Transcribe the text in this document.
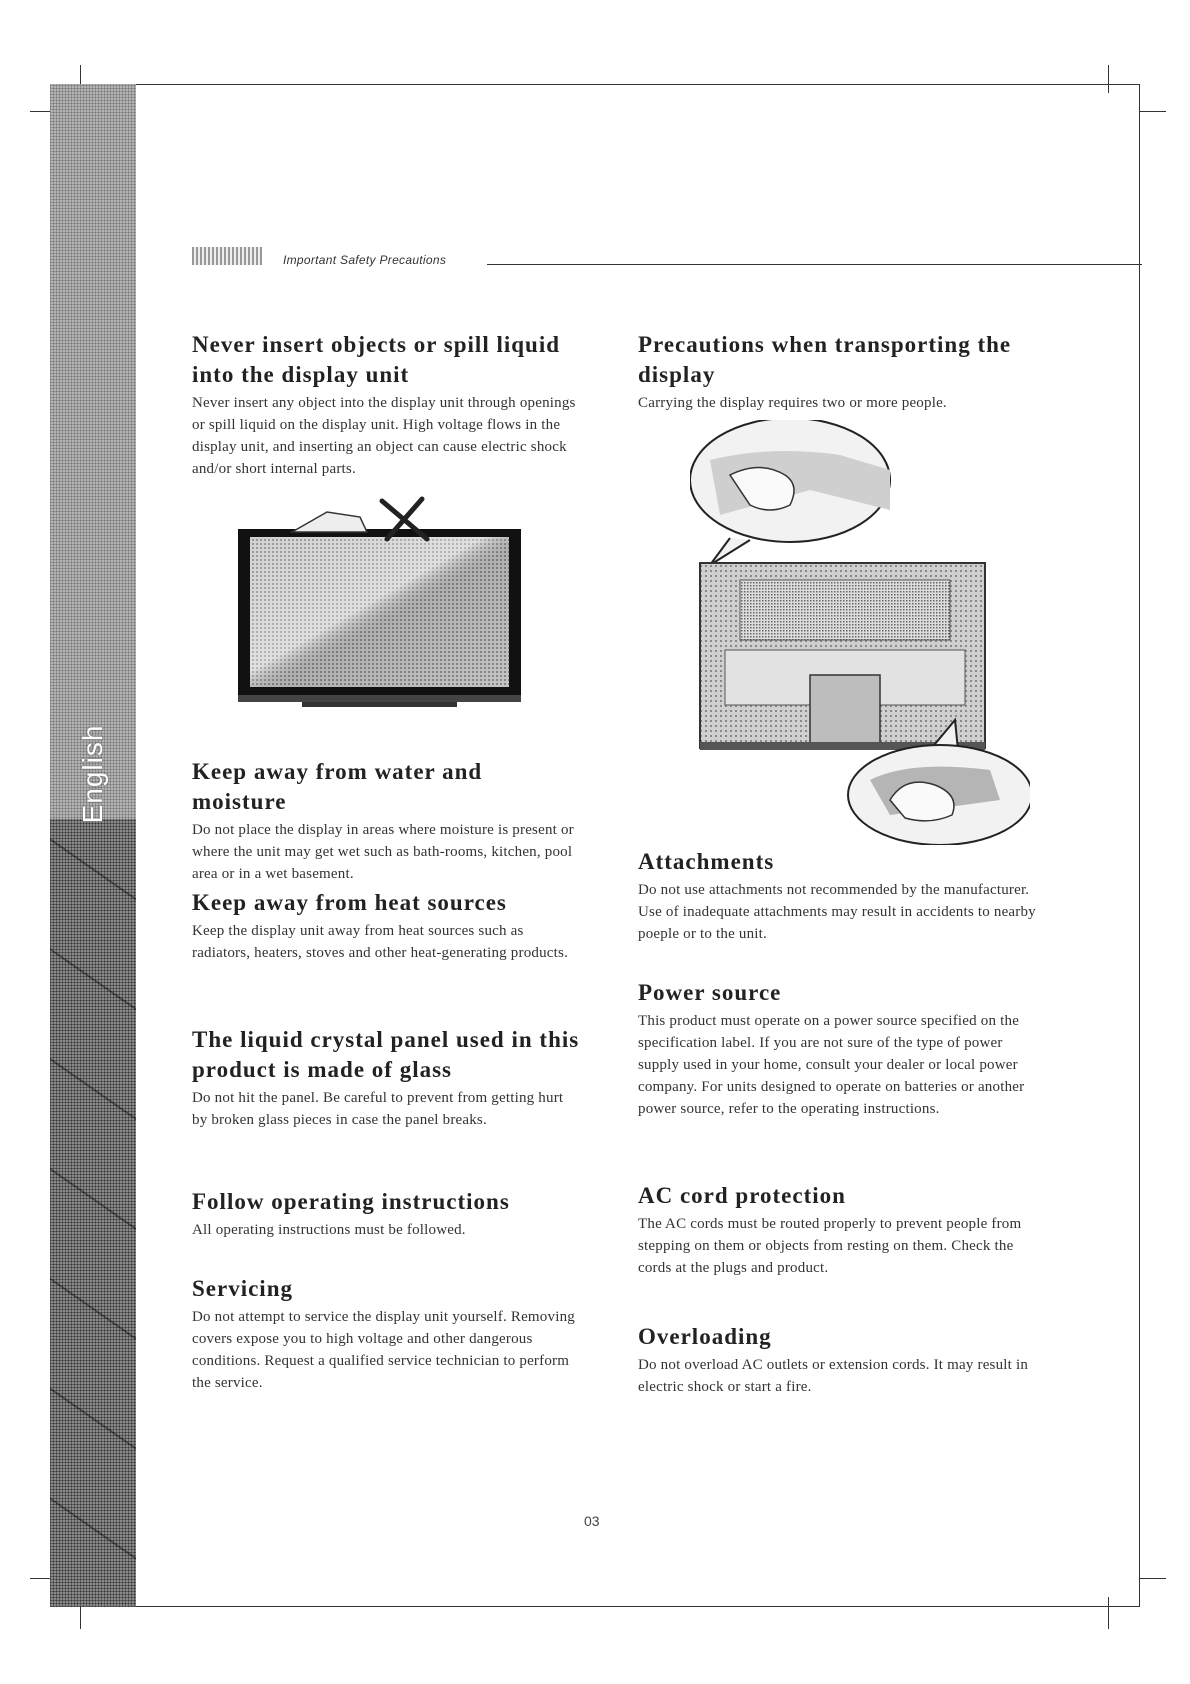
English
Important Safety Precautions
Never insert objects or spill liquid into the display unit

Never insert any object into the display unit through openings or spill liquid on the display unit. High voltage flows in the display unit, and inserting an object can cause electric shock and/or short internal parts.

Keep away from water and moisture

Do not place the display in areas where moisture is present or where the unit may get wet such as bath-rooms, kitchen, pool area or in a wet basement.

Keep away from heat sources

Keep the display unit away from heat sources such as radiators, heaters, stoves and other heat-generating products.

The liquid crystal panel used in this product is made of glass

Do not hit the panel. Be careful to prevent from getting hurt by broken glass pieces in case the panel breaks.

Follow operating instructions

All operating instructions must be followed.

Servicing

Do not attempt to service the display unit yourself. Removing covers expose you to high voltage and other dangerous conditions. Request a qualified service technician to perform the service.

Precautions when transporting the display

Carrying the display requires two or more people.

Attachments

Do not use attachments not recommended by the manufacturer. Use of inadequate attachments may result in accidents to nearby poeple or to the unit.

Power source

This product must operate on a power source specified on the specification label. If you are not sure of the type of power supply used in your home, consult your dealer or local power company. For units designed to operate on batteries or another power source, refer to the operating instructions.

AC cord protection

The AC cords must be routed properly to prevent people from stepping on them or objects from resting on them. Check the cords at the plugs and product.

Overloading

Do not overload AC outlets or extension cords. It may result in electric shock or start a fire.

03
